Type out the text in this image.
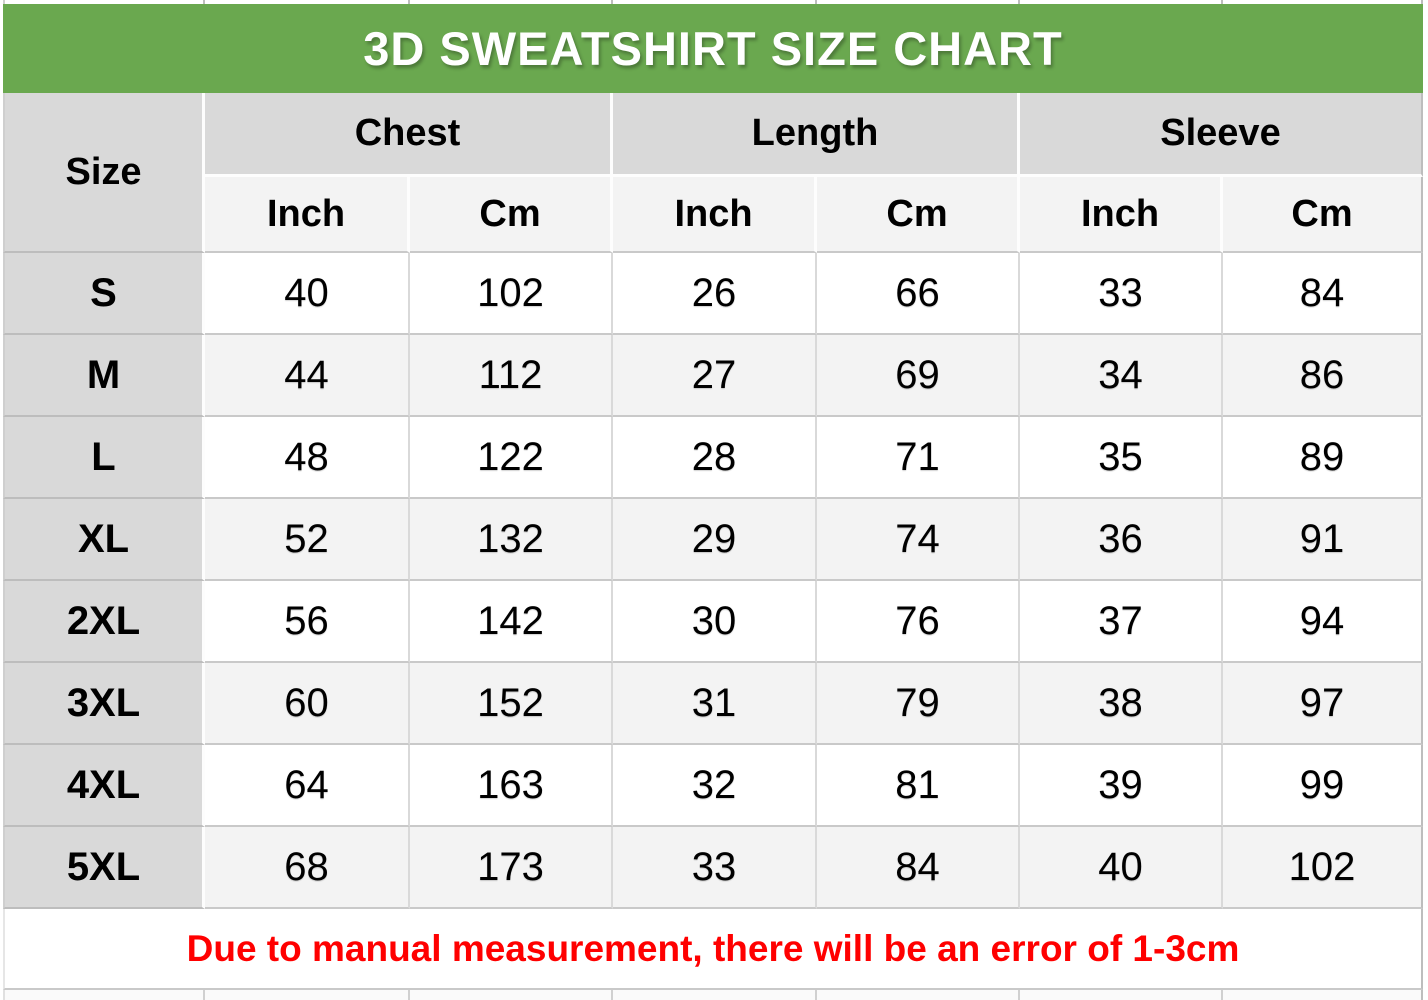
3D SWEATSHIRT SIZE CHART
Size
Chest	Length	Sleeve
Inch	Cm	Inch	Cm	Inch	Cm
S	40	102	26	66	33	84
M	44	112	27	69	34	86
L	48	122	28	71	35	89
XL	52	132	29	74	36	91
2XL	56	142	30	76	37	94
3XL	60	152	31	79	38	97
4XL	64	163	32	81	39	99
5XL	68	173	33	84	40	102
Due to manual measurement, there will be an error of 1-3cm
